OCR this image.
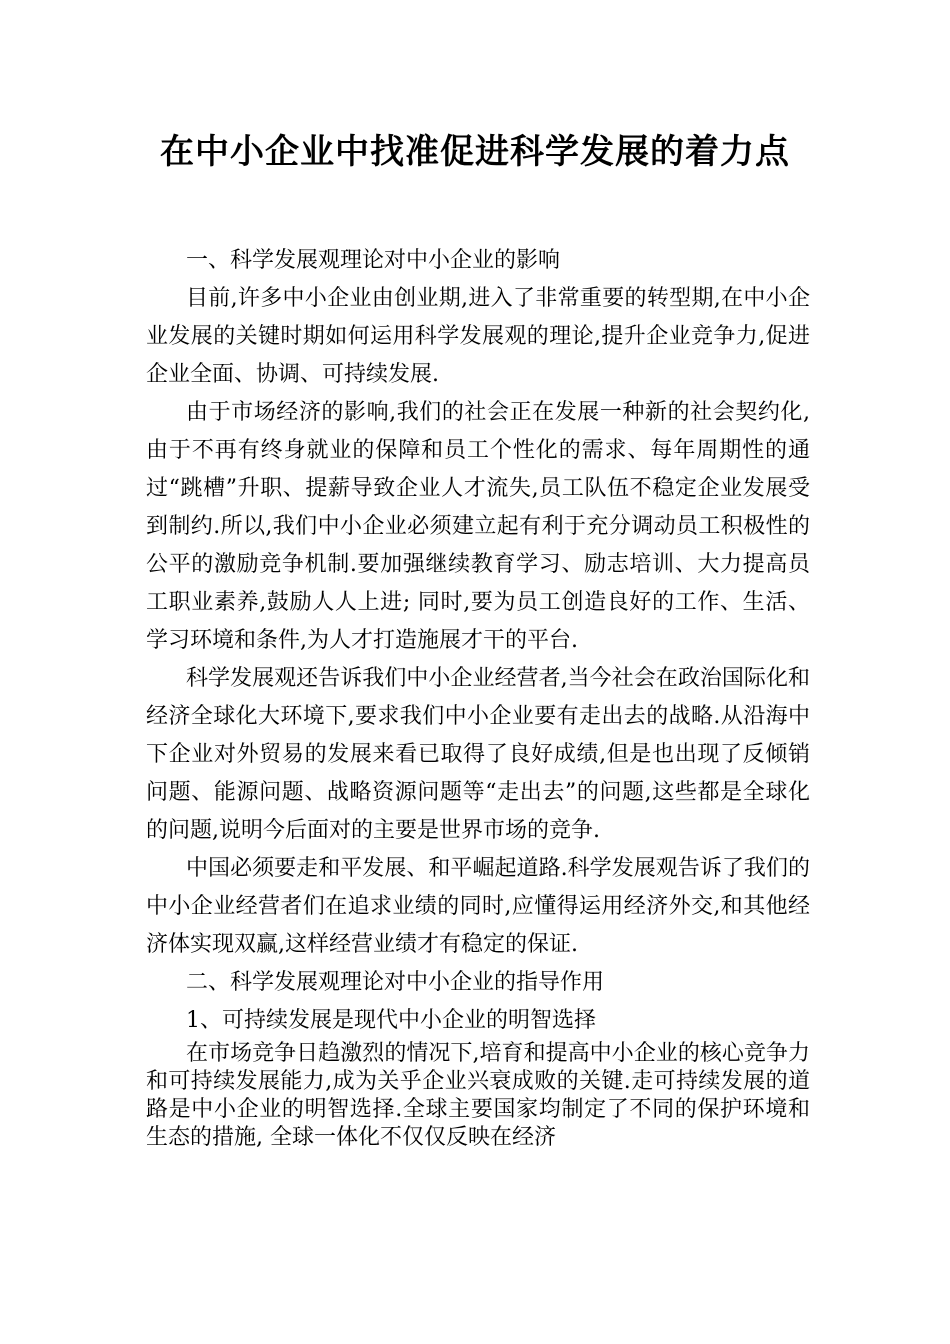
在中小企业中找准促进科学发展的着力点

一、科学发展观理论对中小企业的影响

目前,许多中小企业由创业期,进入了非常重要的转型期,在中小企业发展的关键时期如何运用科学发展观的理论,提升企业竞争力,促进企业全面、协调、可持续发展.

由于市场经济的影响,我们的社会正在发展一种新的社会契约化,由于不再有终身就业的保障和员工个性化的需求、每年周期性的通过“跳槽”升职、提薪导致企业人才流失,员工队伍不稳定企业发展受到制约.所以,我们中小企业必须建立起有利于充分调动员工积极性的公平的激励竞争机制.要加强继续教育学习、励志培训、大力提高员工职业素养,鼓励人人上进; 同时,要为员工创造良好的工作、生活、学习环境和条件,为人才打造施展才干的平台.

科学发展观还告诉我们中小企业经营者,当今社会在政治国际化和经济全球化大环境下,要求我们中小企业要有走出去的战略.从沿海中下企业对外贸易的发展来看已取得了良好成绩,但是也出现了反倾销问题、能源问题、战略资源问题等“走出去”的问题,这些都是全球化的问题,说明今后面对的主要是世界市场的竞争.

中国必须要走和平发展、和平崛起道路.科学发展观告诉了我们的中小企业经营者们在追求业绩的同时,应懂得运用经济外交,和其他经济体实现双赢,这样经营业绩才有稳定的保证.

二、科学发展观理论对中小企业的指导作用

1、可持续发展是现代中小企业的明智选择

在市场竞争日趋激烈的情况下,培育和提高中小企业的核心竞争力和可持续发展能力,成为关乎企业兴衰成败的关键.走可持续发展的道路是中小企业的明智选择.全球主要国家均制定了不同的保护环境和生态的措施, 全球一体化不仅仅反映在经济
